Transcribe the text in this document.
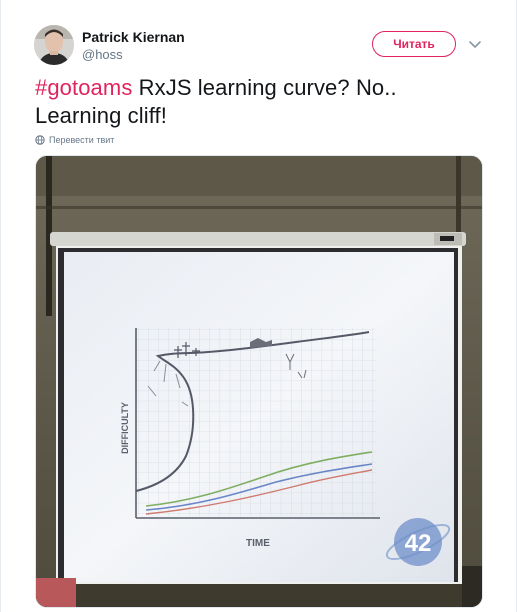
Patrick Kiernan
@hoss
Читать
#gotoams RxJS learning curve? No.. Learning cliff!
Перевести твит
DIFFICULTY
TIME	42
